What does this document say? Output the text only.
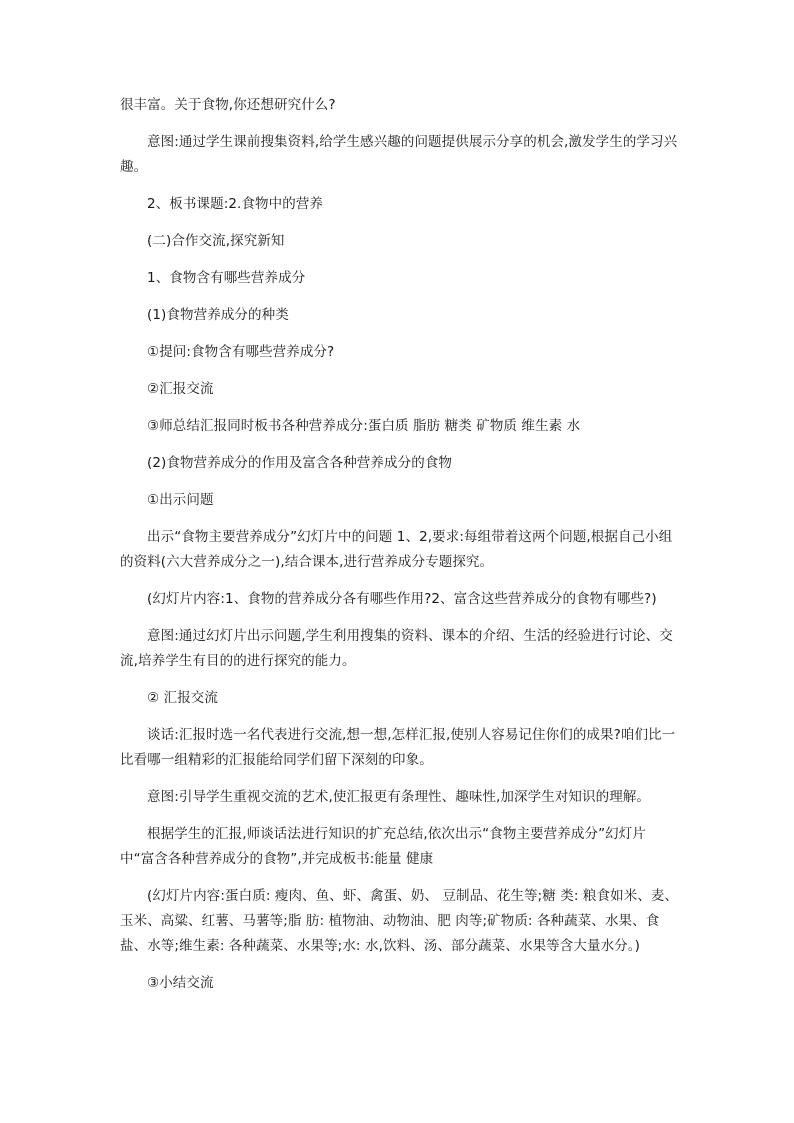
很丰富。关于食物,你还想研究什么?

意图:通过学生课前搜集资料,给学生感兴趣的问题提供展示分享的机会,激发学生的学习兴趣。

2、板书课题:2.食物中的营养

(二)合作交流,探究新知

1、食物含有哪些营养成分

(1)食物营养成分的种类

①提问:食物含有哪些营养成分?

②汇报交流

③师总结汇报同时板书各种营养成分:蛋白质 脂肪 糖类 矿物质 维生素 水

(2)食物营养成分的作用及富含各种营养成分的食物

①出示问题

出示“食物主要营养成分”幻灯片中的问题 1、2,要求:每组带着这两个问题,根据自己小组的资料(六大营养成分之一),结合课本,进行营养成分专题探究。

(幻灯片内容:1、食物的营养成分各有哪些作用?2、富含这些营养成分的食物有哪些?)

意图:通过幻灯片出示问题,学生利用搜集的资料、课本的介绍、生活的经验进行讨论、交流,培养学生有目的的进行探究的能力。

② 汇报交流

谈话:汇报时选一名代表进行交流,想一想,怎样汇报,使别人容易记住你们的成果?咱们比一比看哪一组精彩的汇报能给同学们留下深刻的印象。

意图:引导学生重视交流的艺术,使汇报更有条理性、趣味性,加深学生对知识的理解。

根据学生的汇报,师谈话法进行知识的扩充总结,依次出示“食物主要营养成分”幻灯片中“富含各种营养成分的食物”,并完成板书:能量 健康

(幻灯片内容:蛋白质: 瘦肉、鱼、虾、禽蛋、奶、 豆制品、花生等;糖 类: 粮食如米、麦、玉米、高粱、红薯、马薯等;脂 肪: 植物油、动物油、肥 肉等;矿物质: 各种蔬菜、水果、食盐、水等;维生素: 各种蔬菜、水果等;水: 水,饮料、汤、部分蔬菜、水果等含大量水分。)

③小结交流
